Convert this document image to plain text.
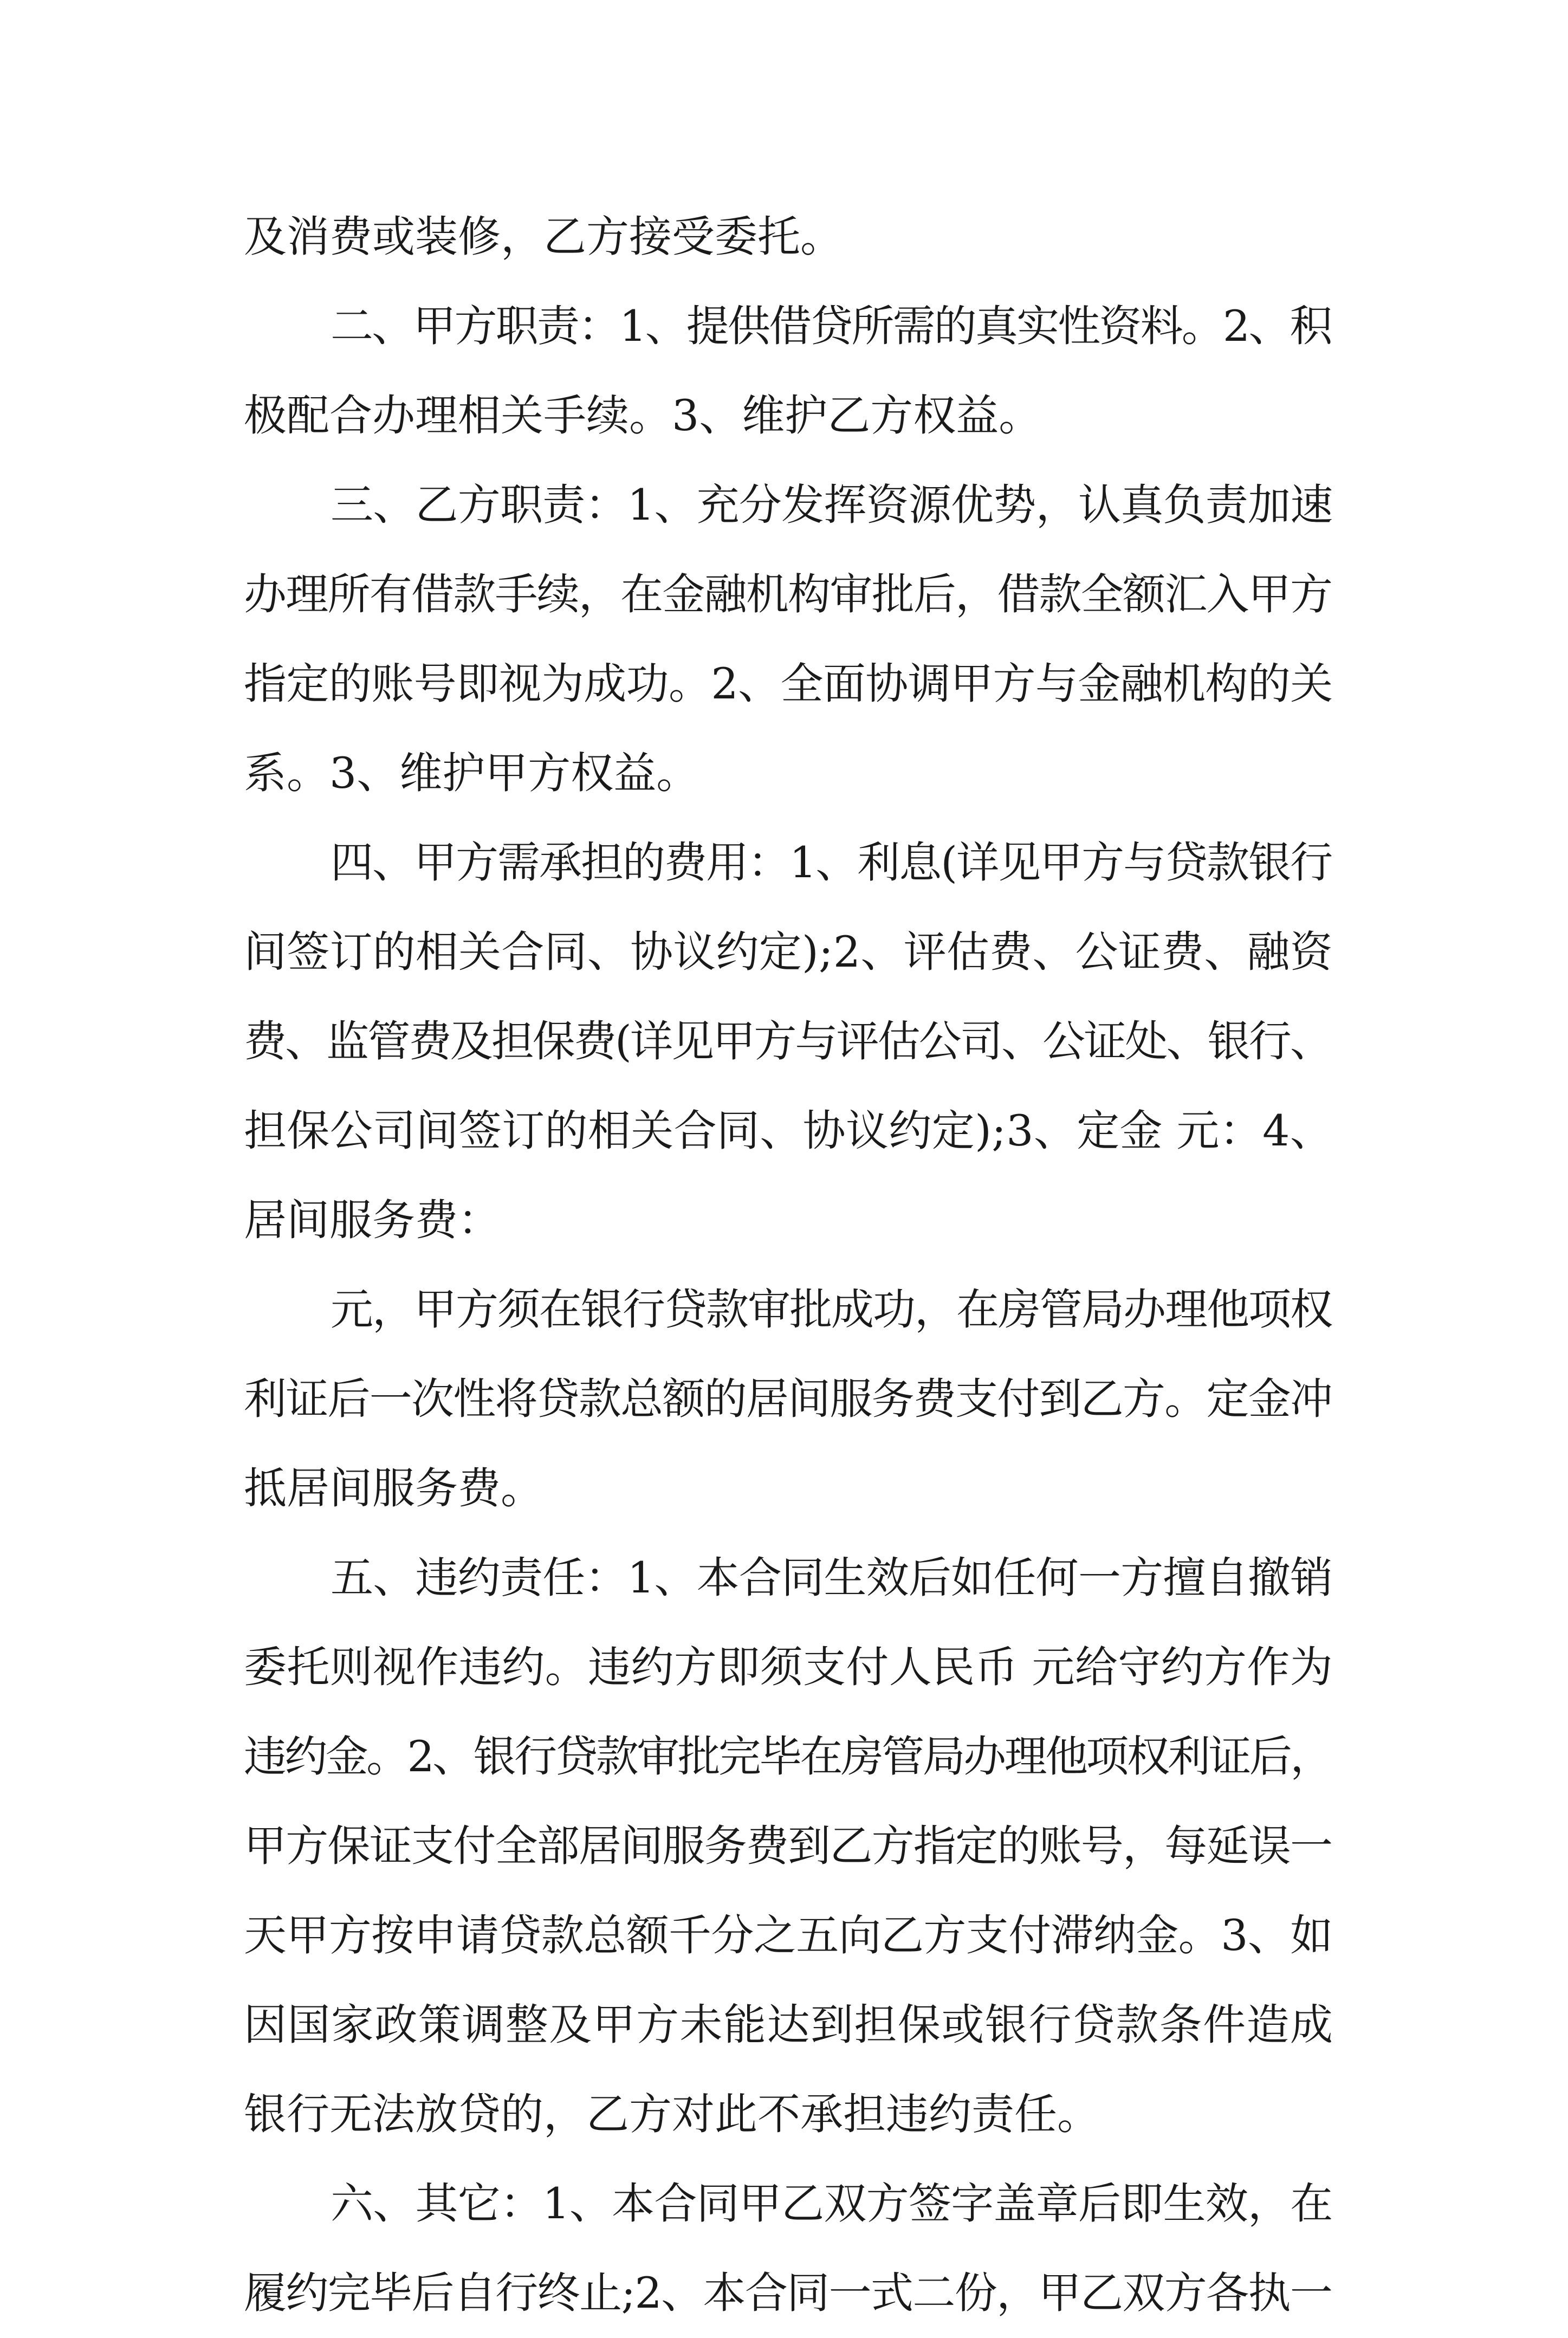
及消费或装修，乙方接受委托。
二、甲方职责：1、提供借贷所需的真实性资料。2、积
极配合办理相关手续。3、维护乙方权益。
三、乙方职责：1、充分发挥资源优势，认真负责加速
办理所有借款手续，在金融机构审批后，借款全额汇入甲方
指定的账号即视为成功。2、全面协调甲方与金融机构的关
系。3、维护甲方权益。
四、甲方需承担的费用：1、利息(详见甲方与贷款银行
间签订的相关合同、协议约定);2、评估费、公证费、融资
费、监管费及担保费(详见甲方与评估公司、公证处、银行、
担保公司间签订的相关合同、协议约定);3、定金 元：4、
居间服务费：
元，甲方须在银行贷款审批成功，在房管局办理他项权
利证后一次性将贷款总额的居间服务费支付到乙方。定金冲
抵居间服务费。
五、违约责任：1、本合同生效后如任何一方擅自撤销
委托则视作违约。违约方即须支付人民币 元给守约方作为
违约金。2、银行贷款审批完毕在房管局办理他项权利证后，
甲方保证支付全部居间服务费到乙方指定的账号，每延误一
天甲方按申请贷款总额千分之五向乙方支付滞纳金。3、如
因国家政策调整及甲方未能达到担保或银行贷款条件造成
银行无法放贷的，乙方对此不承担违约责任。
六、其它：1、本合同甲乙双方签字盖章后即生效，在
履约完毕后自行终止;2、本合同一式二份，甲乙双方各执一
